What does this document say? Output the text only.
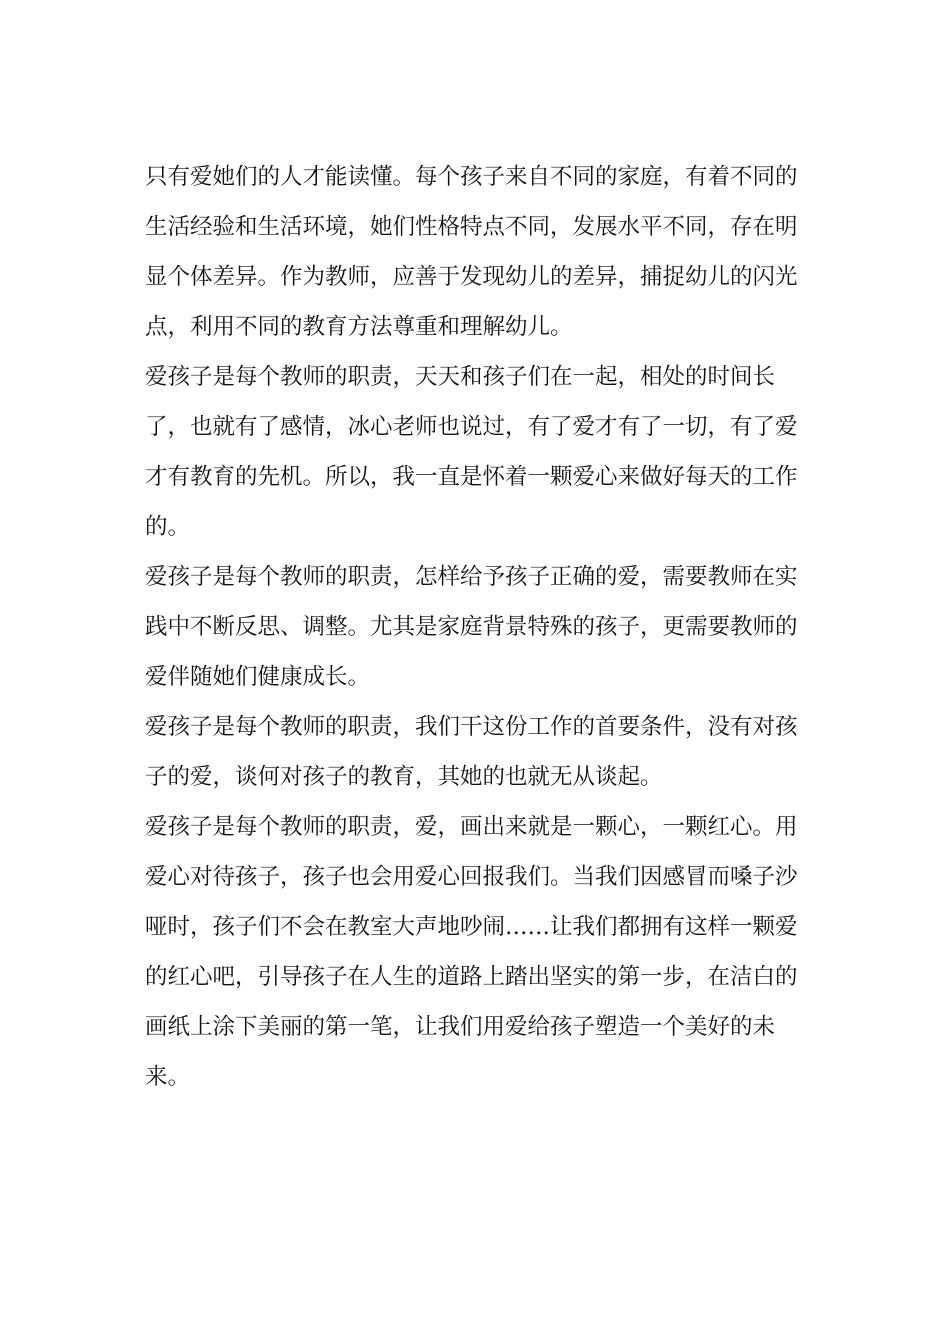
只有爱她们的人才能读懂。每个孩子来自不同的家庭，有着不同的
生活经验和生活环境，她们性格特点不同，发展水平不同，存在明
显个体差异。作为教师，应善于发现幼儿的差异，捕捉幼儿的闪光
点，利用不同的教育方法尊重和理解幼儿。
爱孩子是每个教师的职责，天天和孩子们在一起，相处的时间长
了，也就有了感情，冰心老师也说过，有了爱才有了一切，有了爱
才有教育的先机。所以，我一直是怀着一颗爱心来做好每天的工作
的。
爱孩子是每个教师的职责，怎样给予孩子正确的爱，需要教师在实
践中不断反思、调整。尤其是家庭背景特殊的孩子，更需要教师的
爱伴随她们健康成长。
爱孩子是每个教师的职责，我们干这份工作的首要条件，没有对孩
子的爱，谈何对孩子的教育，其她的也就无从谈起。
爱孩子是每个教师的职责，爱，画出来就是一颗心，一颗红心。用
爱心对待孩子，孩子也会用爱心回报我们。当我们因感冒而嗓子沙
哑时，孩子们不会在教室大声地吵闹……让我们都拥有这样一颗爱
的红心吧，引导孩子在人生的道路上踏出坚实的第一步，在洁白的
画纸上涂下美丽的第一笔，让我们用爱给孩子塑造一个美好的未
来。
